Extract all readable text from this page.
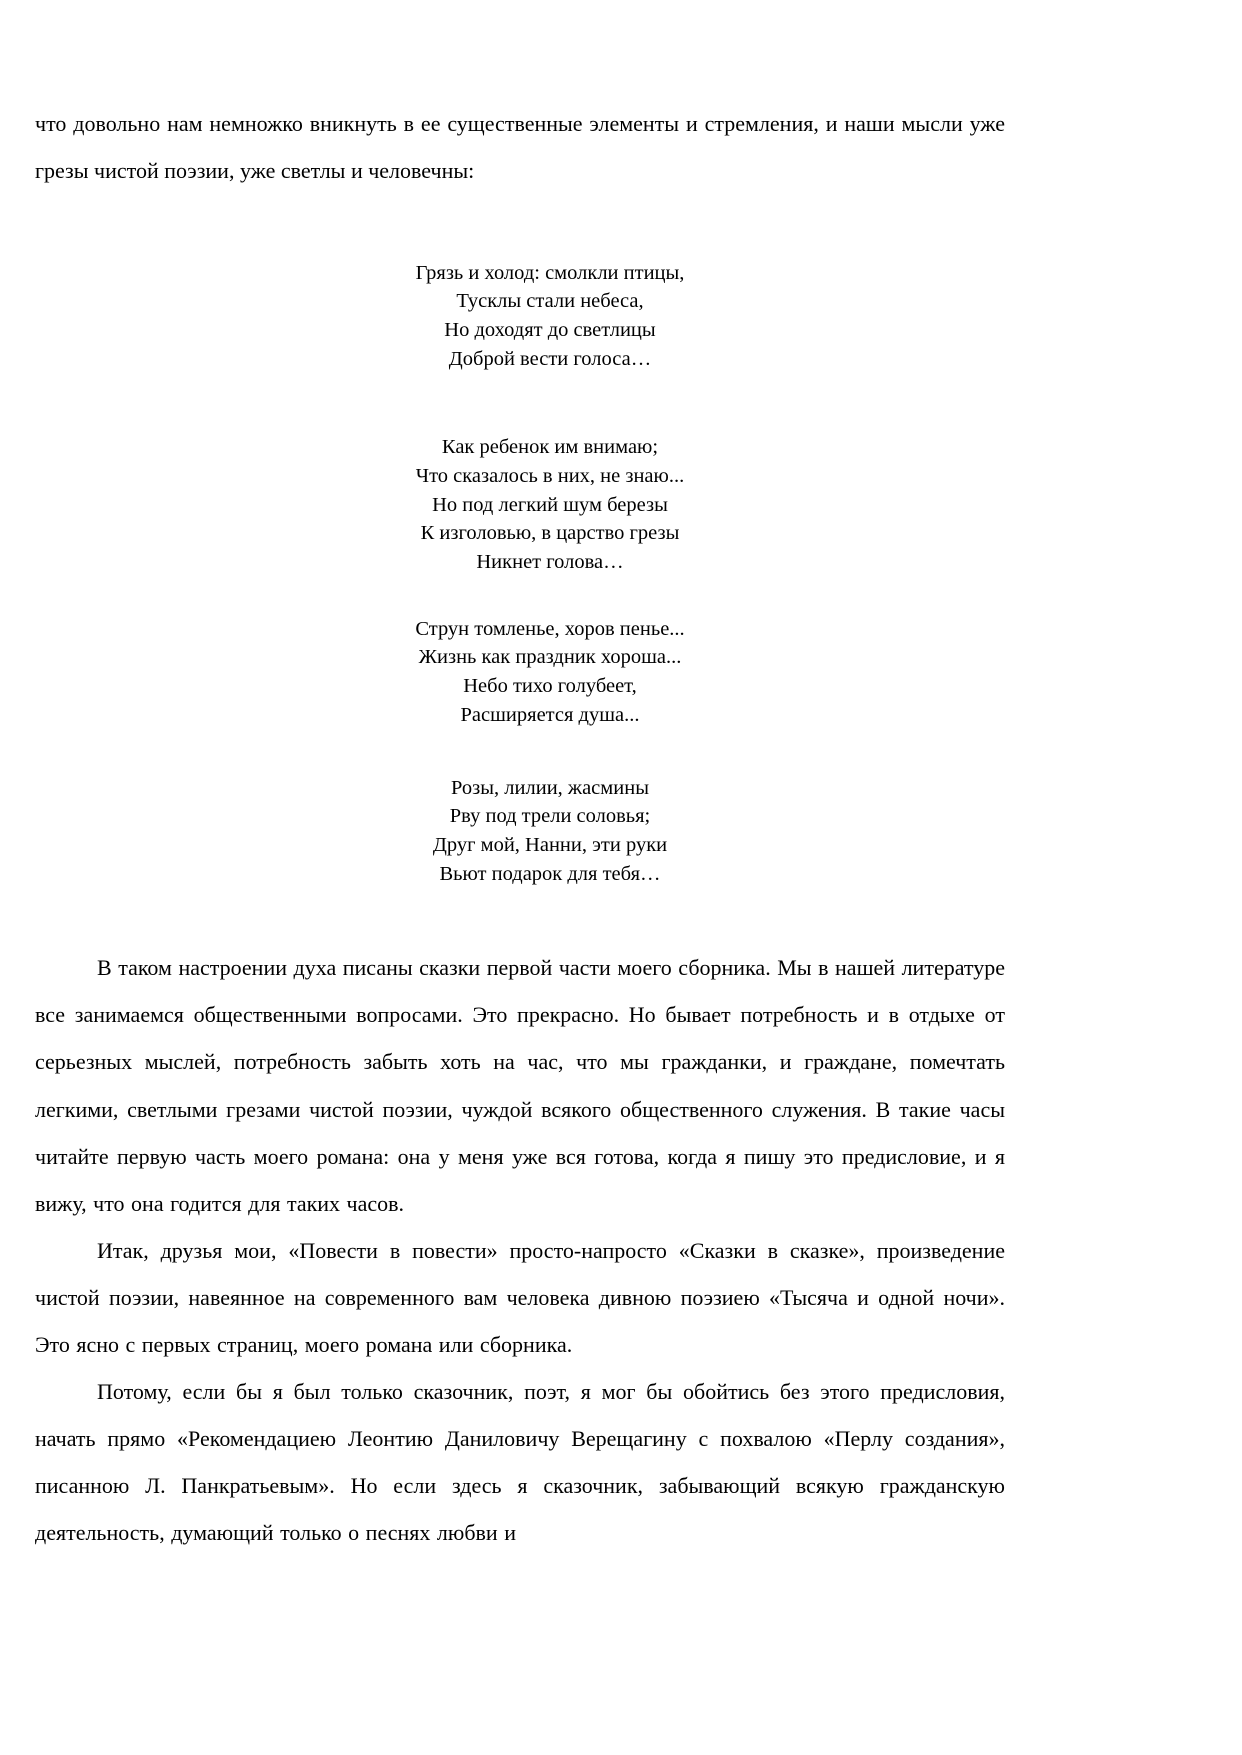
что довольно нам немножко вникнуть в ее существенные элементы и стремления, и наши мысли уже грезы чистой поэзии, уже светлы и человечны:

Грязь и холод: смолкли птицы,
Тусклы стали небеса,
Но доходят до светлицы
Доброй вести голоса…
Как ребенок им внимаю;
Что сказалось в них, не знаю...
Но под легкий шум березы
К изголовью, в царство грезы
Никнет голова…
Струн томленье, хоров пенье...
Жизнь как праздник хороша...
Небо тихо голубеет,
Расширяется душа...
Розы, лилии, жасмины
Рву под трели соловья;
Друг мой, Нанни, эти руки
Вьют подарок для тебя…

В таком настроении духа писаны сказки первой части моего сборника. Мы в нашей литературе все занимаемся общественными вопросами. Это прекрасно. Но бывает потребность и в отдыхе от серьезных мыслей, потребность забыть хоть на час, что мы гражданки, и граждане, помечтать легкими, светлыми грезами чистой поэзии, чуждой всякого общественного служения. В такие часы читайте первую часть моего романа: она у меня уже вся готова, когда я пишу это предисловие, и я вижу, что она годится для таких часов.

Итак, друзья мои, «Повести в повести» просто-напросто «Сказки в сказке», произведение чистой поэзии, навеянное на современного вам человека дивною поэзиею «Тысяча и одной ночи». Это ясно с первых страниц, моего романа или сборника.

Потому, если бы я был только сказочник, поэт, я мог бы обойтись без этого предисловия, начать прямо «Рекомендациею Леонтию Даниловичу Верещагину с похвалою «Перлу создания», писанною Л. Панкратьевым». Но если здесь я сказочник, забывающий всякую гражданскую деятельность, думающий только о песнях любви и
